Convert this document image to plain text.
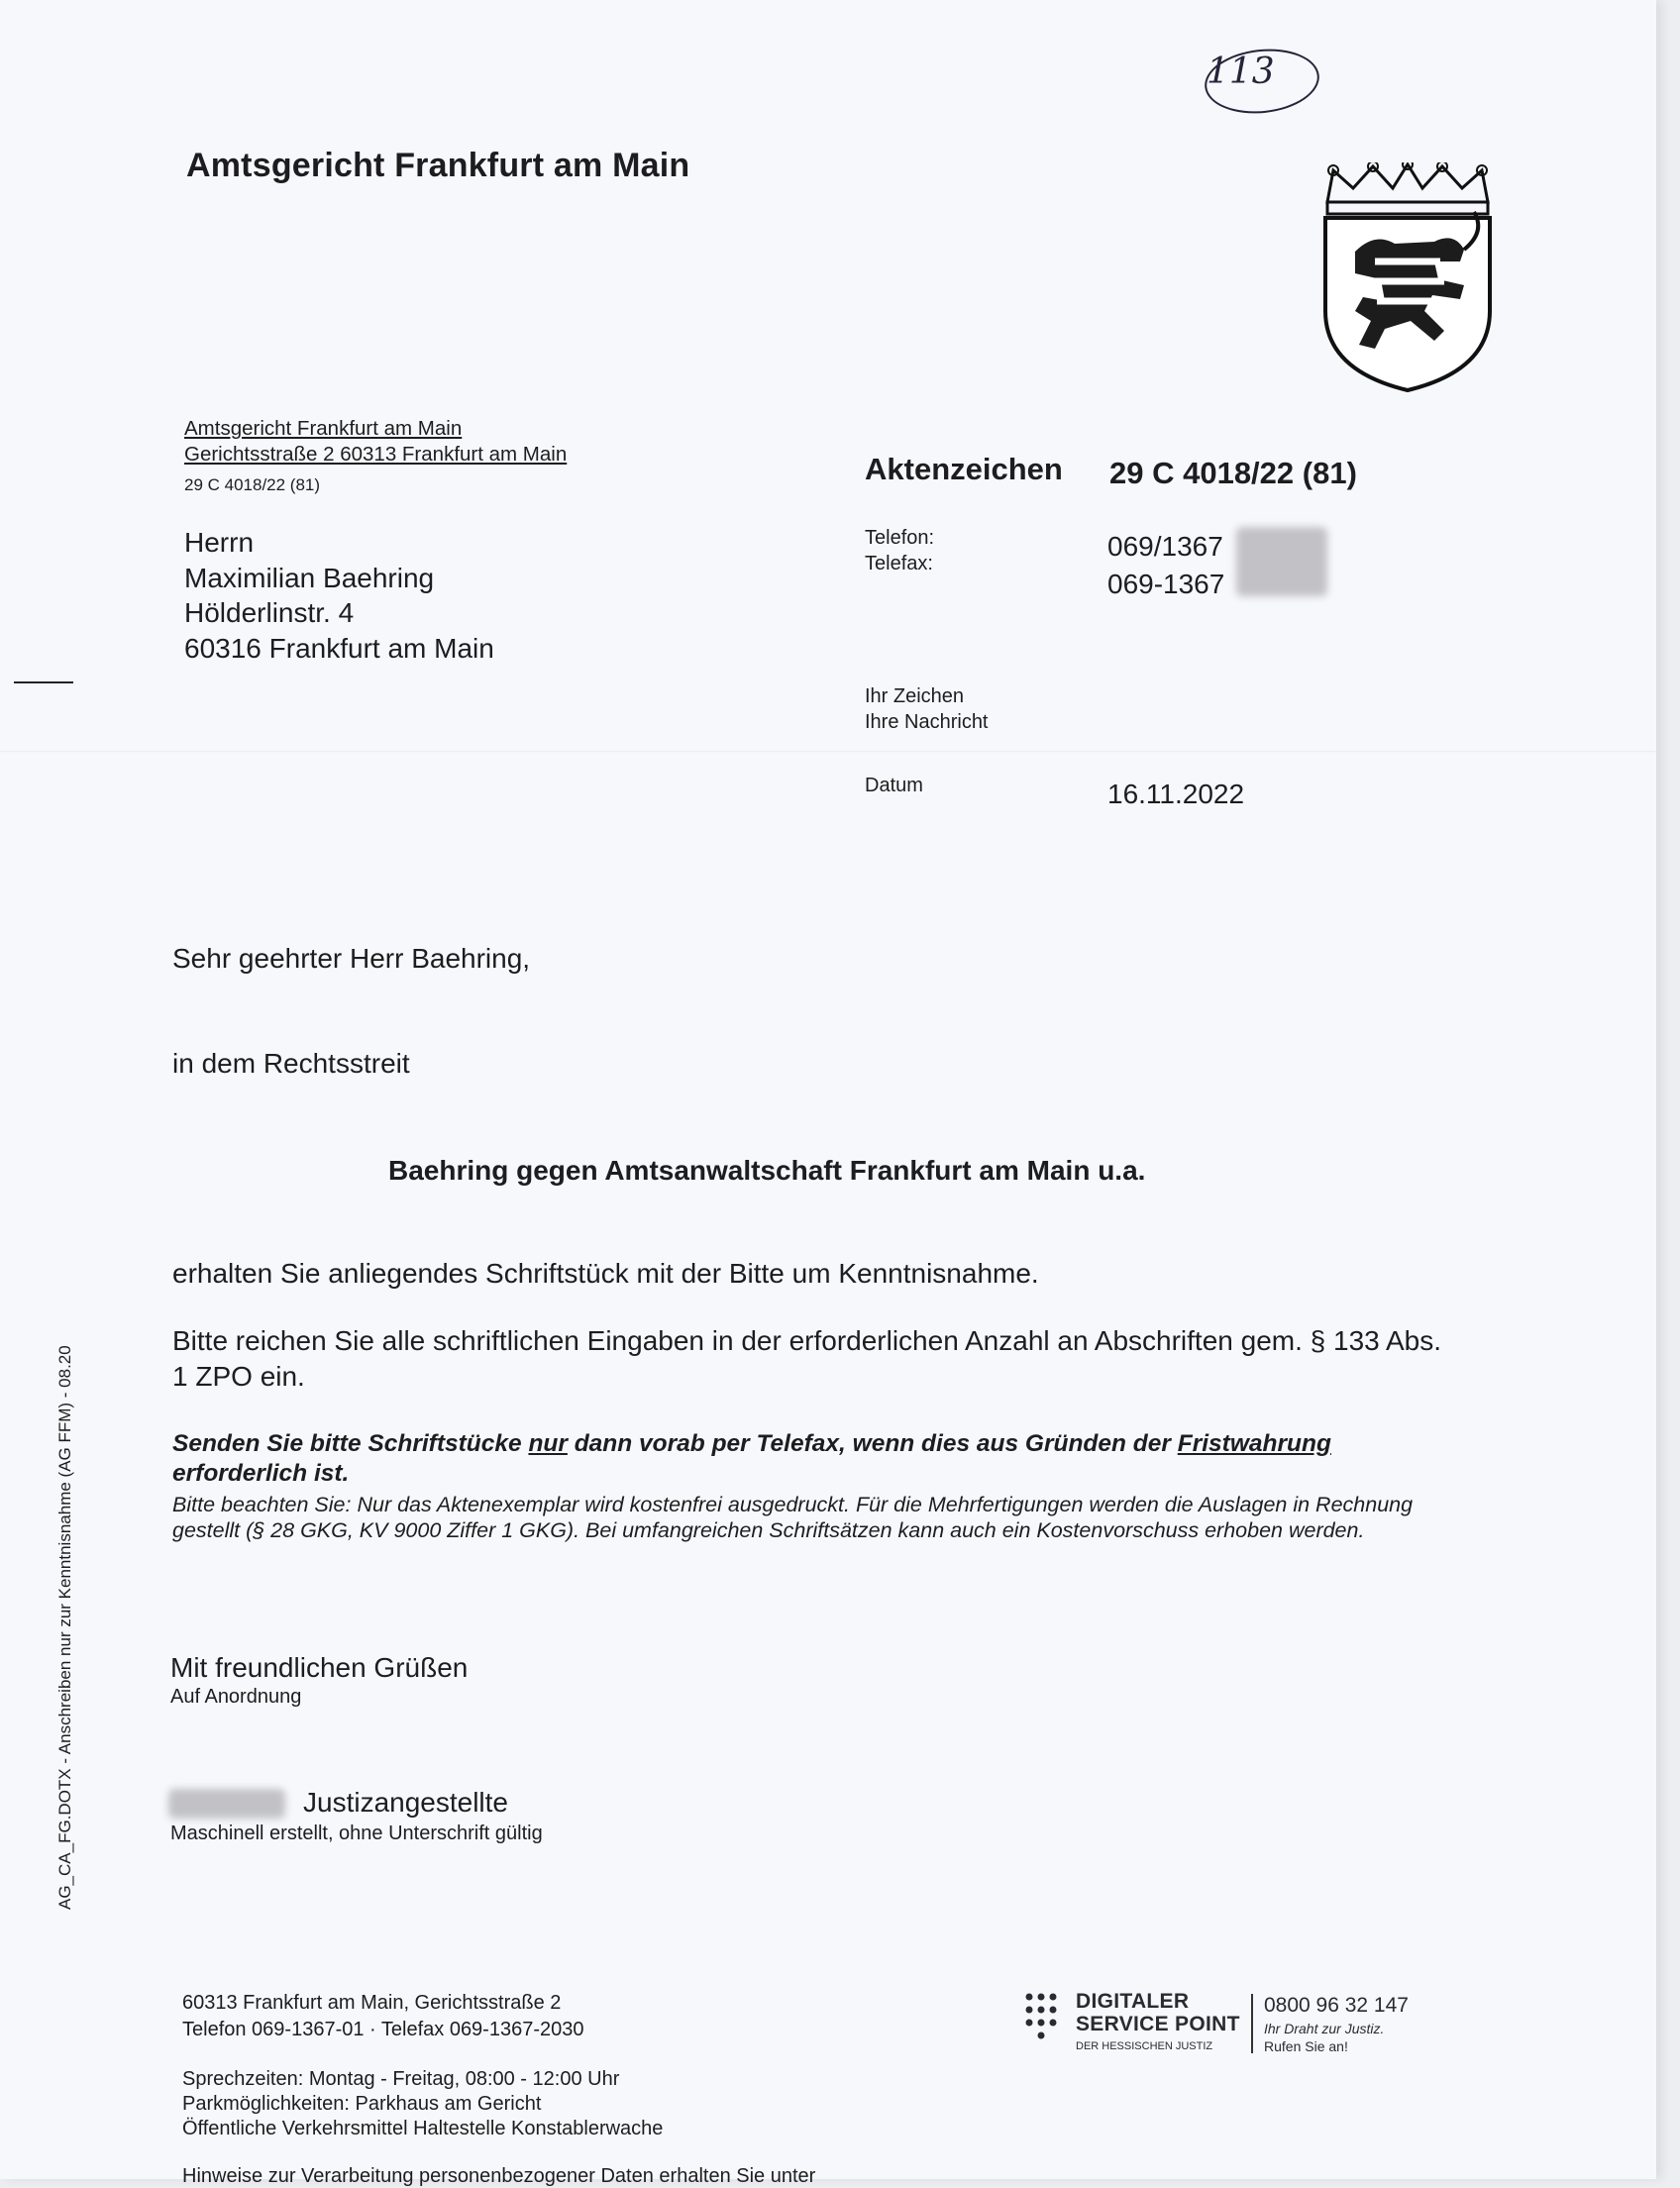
113
Amtsgericht Frankfurt am Main
Amtsgericht Frankfurt am Main
Gerichtsstraße 2 60313 Frankfurt am Main
29 C 4018/22 (81)
Herrn
Maximilian Baehring
Hölderlinstr. 4
60316 Frankfurt am Main
Aktenzeichen 29 C 4018/22 (81)
Telefon:	069/1367
Telefax:
069-1367
Ihr Zeichen
Ihre Nachricht
Datum	16.11.2022
Sehr geehrter Herr Baehring,
in dem Rechtsstreit
Baehring gegen Amtsanwaltschaft Frankfurt am Main u.a.
erhalten Sie anliegendes Schriftstück mit der Bitte um Kenntnisnahme.
Bitte reichen Sie alle schriftlichen Eingaben in der erforderlichen Anzahl an Abschriften gem. § 133 Abs. 1 ZPO ein.
Senden Sie bitte Schriftstücke nur dann vorab per Telefax, wenn dies aus Gründen der Fristwahrung erforderlich ist.
Bitte beachten Sie: Nur das Aktenexemplar wird kostenfrei ausgedruckt. Für die Mehrfertigungen werden die Auslagen in Rechnung gestellt (§ 28 GKG, KV 9000 Ziffer 1 GKG). Bei umfangreichen Schriftsätzen kann auch ein Kostenvorschuss erhoben werden.
Mit freundlichen Grüßen
Auf Anordnung
Justizangestellte
Maschinell erstellt, ohne Unterschrift gültig
AG_CA_FG.DOTX - Anschreiben nur zur Kenntnisnahme (AG FFM) - 08.20
60313 Frankfurt am Main, Gerichtsstraße 2
Telefon 069-1367-01 · Telefax 069-1367-2030
Sprechzeiten: Montag - Freitag, 08:00 - 12:00 Uhr
Parkmöglichkeiten: Parkhaus am Gericht
Öffentliche Verkehrsmittel Haltestelle Konstablerwache
Hinweise zur Verarbeitung personenbezogener Daten erhalten Sie unter
DIGITALER
SERVICE POINT
DER HESSISCHEN JUSTIZ
0800 96 32 147
Ihr Draht zur Justiz.
Rufen Sie an!
